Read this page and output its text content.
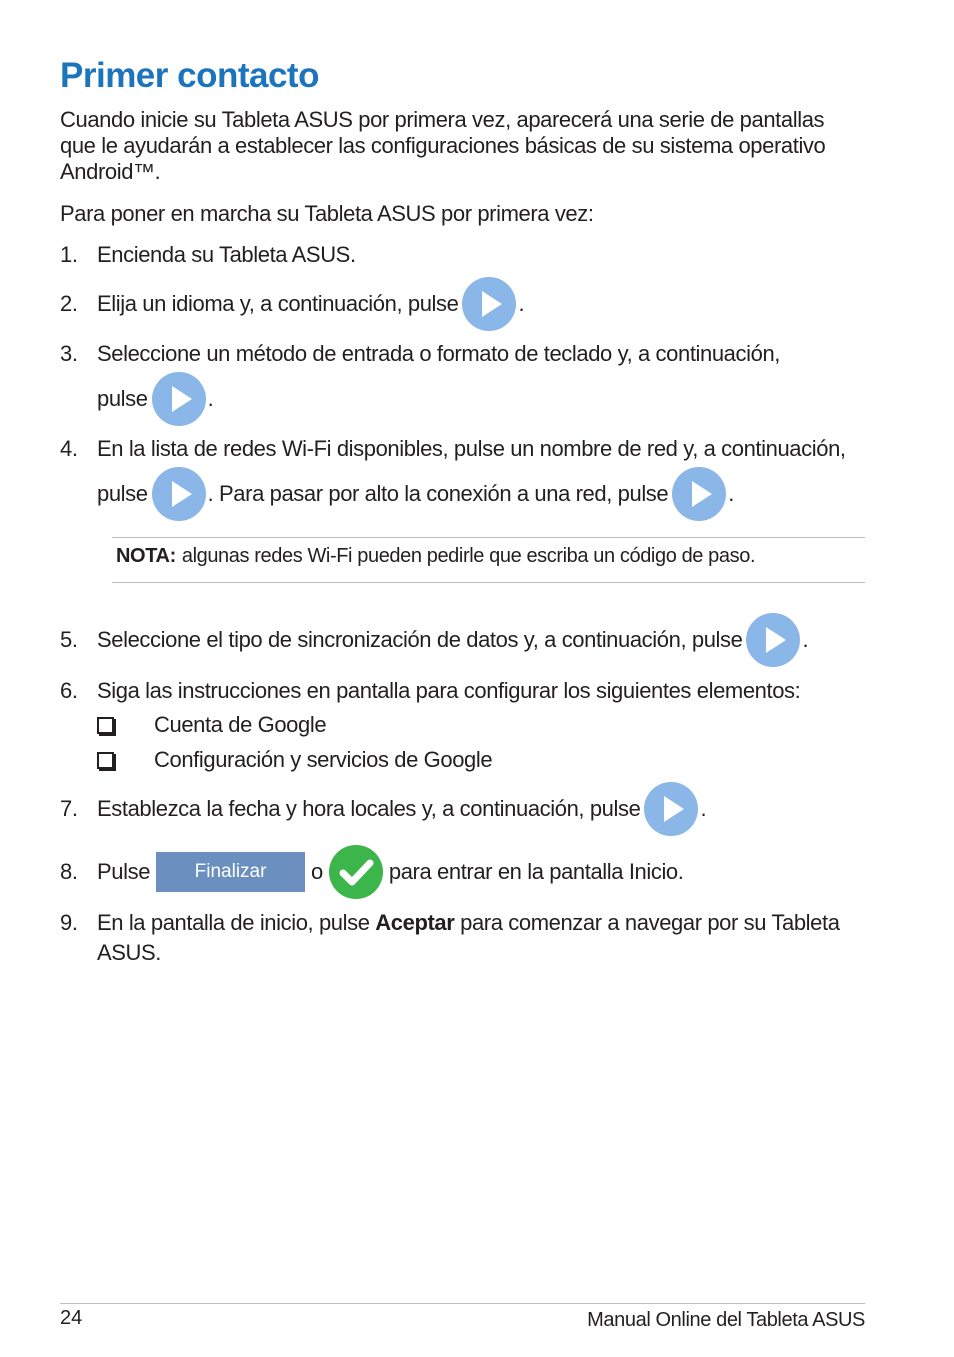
Primer contacto

Cuando inicie su Tableta ASUS por primera vez, aparecerá una serie de pantallas
que le ayudarán a establecer las configuraciones básicas de su sistema operativo
Android™.

Para poner en marcha su Tableta ASUS por primera vez:

1. Encienda su Tableta ASUS.
2. Elija un idioma y, a continuación, pulse	.
3. Seleccione un método de entrada o formato de teclado y, a continuación,
pulse	.
4. En la lista de redes Wi-Fi disponibles, pulse un nombre de red y, a continuación,
pulse	. Para pasar por alto la conexión a una red, pulse	.
NOTA: algunas redes Wi-Fi pueden pedirle que escriba un código de paso.
5. Seleccione el tipo de sincronización de datos y, a continuación, pulse	.
6. Siga las instrucciones en pantalla para configurar los siguientes elementos:
Cuenta de Google
Configuración y servicios de Google
7. Establezca la fecha y hora locales y, a continuación, pulse	.
8. Pulse	Finalizar	o	para entrar en la pantalla Inicio.
9. En la pantalla de inicio, pulse Aceptar para comenzar a navegar por su Tableta
ASUS.
24	Manual Online del Tableta ASUS
